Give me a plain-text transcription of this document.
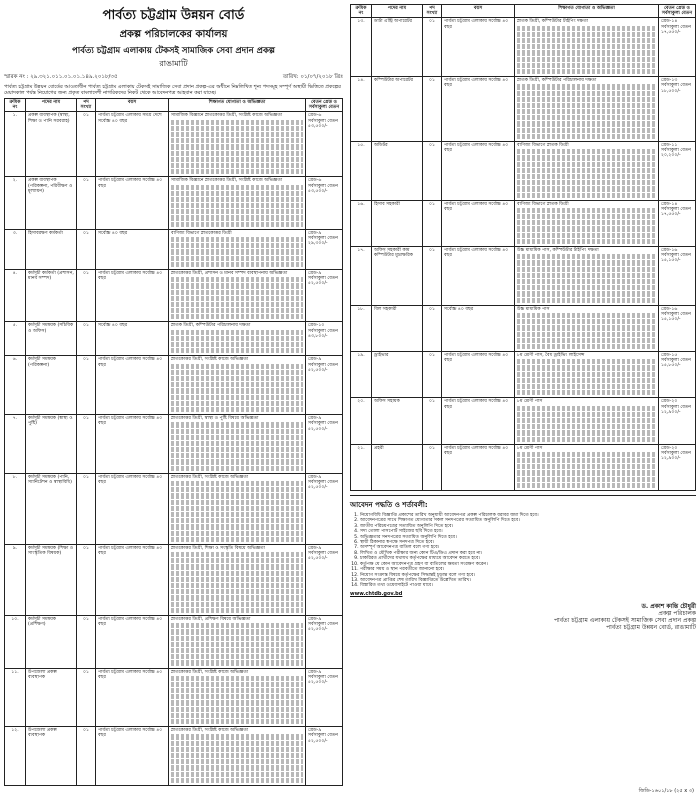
পার্বত্য চট্টগ্রাম উন্নয়ন বোর্ড
প্রকল্প পরিচালকের কার্যালয়
পার্বত্য চট্টগ্রাম এলাকায় টেকসই সামাজিক সেবা প্রদান প্রকল্প
রাঙামাটি
স্মারক নং : ২৯.৩২১.০১১.০১.০১.১৪৯.২০১৮/৩৫	তারিখ: ০১/০৭/২০১৮ খ্রিঃ
পার্বত্য চট্টগ্রাম উন্নয়ন বোর্ডের আওতাধীন পার্বত্য চট্টগ্রাম এলাকায় টেকসই সামাজিক সেবা প্রদান প্রকল্প-এর অধীনে নিম্নলিখিত শূন্য পদসমূহ সম্পূর্ণ অস্থায়ী ভিত্তিতে প্রকল্পের মেয়াদকাল পর্যন্ত নিয়োগের জন্য প্রকৃত বাংলাদেশী নাগরিকদের নিকট থেকে আবেদনপত্র আহবান করা যাচ্ছে।
ক্রমিক নং	পদের নাম	পদ সংখ্যা	বয়স	শিক্ষাগত যোগ্যতা ও অভিজ্ঞতা	বেতন গ্রেড ও সর্বসাকুল্য বেতন
১.	প্রকল্প ব্যবস্থাপক (স্বাস্থ্য, শিক্ষা ও পানি সরবরাহ)	০১	পার্বত্য চট্টগ্রাম এলাকায় সমগ্র দেশে সর্বোচ্চ ৪০ বছর	সামাজিক বিজ্ঞানে স্নাতকোত্তর ডিগ্রী, সংশ্লিষ্ট কাজে অভিজ্ঞতা	গ্রেড-৬ সর্বসাকুল্য বেতন ৫৩,৫০০/-
২.	প্রকল্প ব্যবস্থাপক (পরিকল্পনা, পরিবীক্ষণ ও মূল্যায়ন)	০১	পার্বত্য চট্টগ্রাম এলাকায় সর্বোচ্চ ৪০ বছর	সামাজিক বিজ্ঞানে স্নাতকোত্তর ডিগ্রী, সংশ্লিষ্ট কাজে অভিজ্ঞতা	গ্রেড-৬ সর্বসাকুল্য বেতন ৫৩,৫০০/-
৩.	হিসাবরক্ষণ কর্মকর্তা	০১	সর্বোচ্চ ৪০ বছর	বাণিজ্য বিভাগে স্নাতকোত্তর ডিগ্রী	গ্রেড-৯ সর্বসাকুল্য বেতন ২৯,৩০০/-
৪.	কর্মসূচী কর্মকর্তা (প্রশাসন, মানব সম্পদ)	০১	পার্বত্য চট্টগ্রাম এলাকায় সর্বোচ্চ ৪০ বছর	স্নাতকোত্তর ডিগ্রী, প্রশাসন ও মানব সম্পদ ব্যবস্থাপনায় অভিজ্ঞতা	গ্রেড-৯ সর্বসাকুল্য বেতন ৫২,৫০০/-
৫.	কর্মসূচী সমন্বয়ক (সচিবিক ও অফিস)	০১	সর্বোচ্চ ৪০ বছর	স্নাতক ডিগ্রী, কম্পিউটার পরিচালনায় দক্ষতা	গ্রেড-১০ সর্বসাকুল্য বেতন ৪৩,৮০০/-
৬.	কর্মসূচী সমন্বয়ক (পরিকল্পনা)	০১	পার্বত্য চট্টগ্রাম এলাকায় সর্বোচ্চ ৪০ বছর	স্নাতকোত্তর ডিগ্রী, সংশ্লিষ্ট কাজে অভিজ্ঞতা	গ্রেড-৯ সর্বসাকুল্য বেতন ৫২,৫০০/-
৭.	কর্মসূচী সমন্বয়ক (স্বাস্থ্য ও পুষ্টি)	০১	পার্বত্য চট্টগ্রাম এলাকায় সর্বোচ্চ ৪০ বছর	স্নাতকোত্তর ডিগ্রী, স্বাস্থ্য ও পুষ্টি বিষয়ে অভিজ্ঞতা	গ্রেড-৯ সর্বসাকুল্য বেতন ৫২,৫০০/-
৮.	কর্মসূচী সমন্বয়ক (পানি, স্যানিটেশন ও স্বাস্থ্যবিধি)	০১	পার্বত্য চট্টগ্রাম এলাকায় সর্বোচ্চ ৪০ বছর	স্নাতকোত্তর ডিগ্রী, সংশ্লিষ্ট কাজে অভিজ্ঞতা	গ্রেড-৯ সর্বসাকুল্য বেতন ৫২,৫০০/-
৯.	কর্মসূচী সমন্বয়ক (শিক্ষা ও সাংস্কৃতিক বিষয়ক)	০১	পার্বত্য চট্টগ্রাম এলাকায় সর্বোচ্চ ৪০ বছর	স্নাতকোত্তর ডিগ্রী, শিক্ষা ও সংস্কৃতি বিষয়ে অভিজ্ঞতা	গ্রেড-৯ সর্বসাকুল্য বেতন ৫২,৫০০/-
১০.	কর্মসূচী সমন্বয়ক (প্রশিক্ষণ)	০১	পার্বত্য চট্টগ্রাম এলাকায় সর্বোচ্চ ৪০ বছর	স্নাতকোত্তর ডিগ্রী, প্রশিক্ষণ বিষয়ে অভিজ্ঞতা	গ্রেড-৯ সর্বসাকুল্য বেতন ৫২,৫০০/-
১১.	উপজেলা প্রকল্প ব্যবস্থাপক	০১	পার্বত্য চট্টগ্রাম এলাকায় সর্বোচ্চ ৪০ বছর	স্নাতকোত্তর ডিগ্রী, সংশ্লিষ্ট কাজে অভিজ্ঞতা	গ্রেড-৯ সর্বসাকুল্য বেতন ৫২,৫০০/-
১২.	উপজেলা প্রকল্প ব্যবস্থাপক	০১	পার্বত্য চট্টগ্রাম এলাকায় সর্বোচ্চ ৪০ বছর	স্নাতকোত্তর ডিগ্রী, সংশ্লিষ্ট কাজে অভিজ্ঞতা	গ্রেড-৯ সর্বসাকুল্য বেতন ৫২,৫০০/-
ক্রমিক নং	পদের নাম	পদ সংখ্যা	বয়স	শিক্ষাগত যোগ্যতা ও অভিজ্ঞতা	বেতন গ্রেড ও সর্বসাকুল্য বেতন
১৩.	ডাটা এন্ট্রি অপারেটর	০১	পার্বত্য চট্টগ্রাম এলাকায় সর্বোচ্চ ৪০ বছর	স্নাতক ডিগ্রী, কম্পিউটার টাইপিং দক্ষতা	গ্রেড-১৪ সর্বসাকুল্য বেতন ১৭,৫৫০/-
১৪.	কম্পিউটার অপারেটর	০১	পার্বত্য চট্টগ্রাম এলাকায় সর্বোচ্চ ৪০ বছর	স্নাতক ডিগ্রী, কম্পিউটার পরিচালনায় দক্ষতা	গ্রেড-১৩ সর্বসাকুল্য বেতন ১৮,৫০০/-
১৫.	অডিটর	০১	পার্বত্য চট্টগ্রাম এলাকায় সর্বোচ্চ ৪০ বছর	বাণিজ্য বিভাগে স্নাতক ডিগ্রী	গ্রেড-১১ সর্বসাকুল্য বেতন ২০,২০০/-
১৬.	হিসাব সহকারী	০১	পার্বত্য চট্টগ্রাম এলাকায় সর্বোচ্চ ৪০ বছর	বাণিজ্য বিভাগে স্নাতক ডিগ্রী	গ্রেড-১৪ সর্বসাকুল্য বেতন ১৭,৫৫০/-
১৭.	অফিস সহকারী কাম কম্পিউটার মুদ্রাক্ষরিক	০১	পার্বত্য চট্টগ্রাম এলাকায় সর্বোচ্চ ৪০ বছর	উচ্চ মাধ্যমিক পাস, কম্পিউটার টাইপিং দক্ষতা	গ্রেড-১৬ সর্বসাকুল্য বেতন ১৫,১৫০/-
১৮.	বিল সহকারী	০১	সর্বোচ্চ ৪০ বছর	উচ্চ মাধ্যমিক পাস	গ্রেড-১৬ সর্বসাকুল্য বেতন ১৫,১৫০/-
১৯.	ড্রাইভার	০১	পার্বত্য চট্টগ্রাম এলাকায় সর্বোচ্চ ৪০ বছর	৮ম শ্রেণী পাস, বৈধ ড্রাইভিং লাইসেন্স	গ্রেড-১৫ সর্বসাকুল্য বেতন ১৫,৮৫০/-
২০.	অফিস সহায়ক	০১	পার্বত্য চট্টগ্রাম এলাকায় সর্বোচ্চ ৪০ বছর	৮ম শ্রেণী পাস	গ্রেড-২০ সর্বসাকুল্য বেতন ১২,৯০০/-
২১.	প্রহরী	০১	পার্বত্য চট্টগ্রাম এলাকায় সর্বোচ্চ ৪০ বছর	৮ম শ্রেণী পাস	গ্রেড-২০ সর্বসাকুল্য বেতন ১২,৯০০/-
আবেদন পদ্ধতি ও শর্তাবলী:
1. নিয়োগবিধি বিজ্ঞাপ্তি প্রকাশের তারিখ অনুযায়ী আবেদনপত্র প্রকল্প পরিচালক বরাবর জমা দিতে হবে।
2. আবেদনপত্রের সাথে শিক্ষাগত যোগ্যতার সকল সনদপত্রের সত্যায়িত অনুলিপি দিতে হবে।
3. জাতীয় পরিচয়পত্রের সত্যায়িত অনুলিপি দিতে হবে।
4. সদ্য তোলা পাসপোর্ট সাইজের ছবি দিতে হবে।
5. অভিজ্ঞতার সনদপত্রের সত্যায়িত অনুলিপি দিতে হবে।
6. স্থায়ী ঠিকানার স্বপক্ষে সনদপত্র দিতে হবে।
7. অসম্পূর্ণ আবেদনপত্র বাতিল বলে গণ্য হবে।
8. লিখিত ও মৌখিক পরীক্ষার জন্য কোন টিএ/ডিএ প্রদান করা হবে না।
9. চাকরিরত প্রার্থীদের যথাযথ কর্তৃপক্ষের মাধ্যমে আবেদন করতে হবে।
10. কর্তৃপক্ষ যে কোন আবেদনপত্র গ্রহণ বা বাতিলের ক্ষমতা সংরক্ষণ করেন।
11. পরীক্ষার সময় ও স্থান পরবর্তীতে জানানো হবে।
12. নিয়োগ সংক্রান্ত বিষয়ে কর্তৃপক্ষের সিদ্ধান্তই চূড়ান্ত বলে গণ্য হবে।
13. আবেদনপত্র প্রাপ্তির শেষ তারিখ বিজ্ঞাপ্তিতে উল্লেখিত তারিখ।
14. বিস্তারিত তথ্য ওয়েবসাইটে পাওয়া যাবে।
www.chtdb.gov.bd
ড. প্রকাশ কান্তি চৌধুরী
প্রকল্প পরিচালক
পার্বত্য চট্টগ্রাম এলাকায় টেকসই সামাজিক সেবা প্রদান প্রকল্প
পার্বত্য চট্টগ্রাম উন্নয়ন বোর্ড, রাঙামাটি
জিডি-১৬০১/১৮ (২৫ x ৩)
